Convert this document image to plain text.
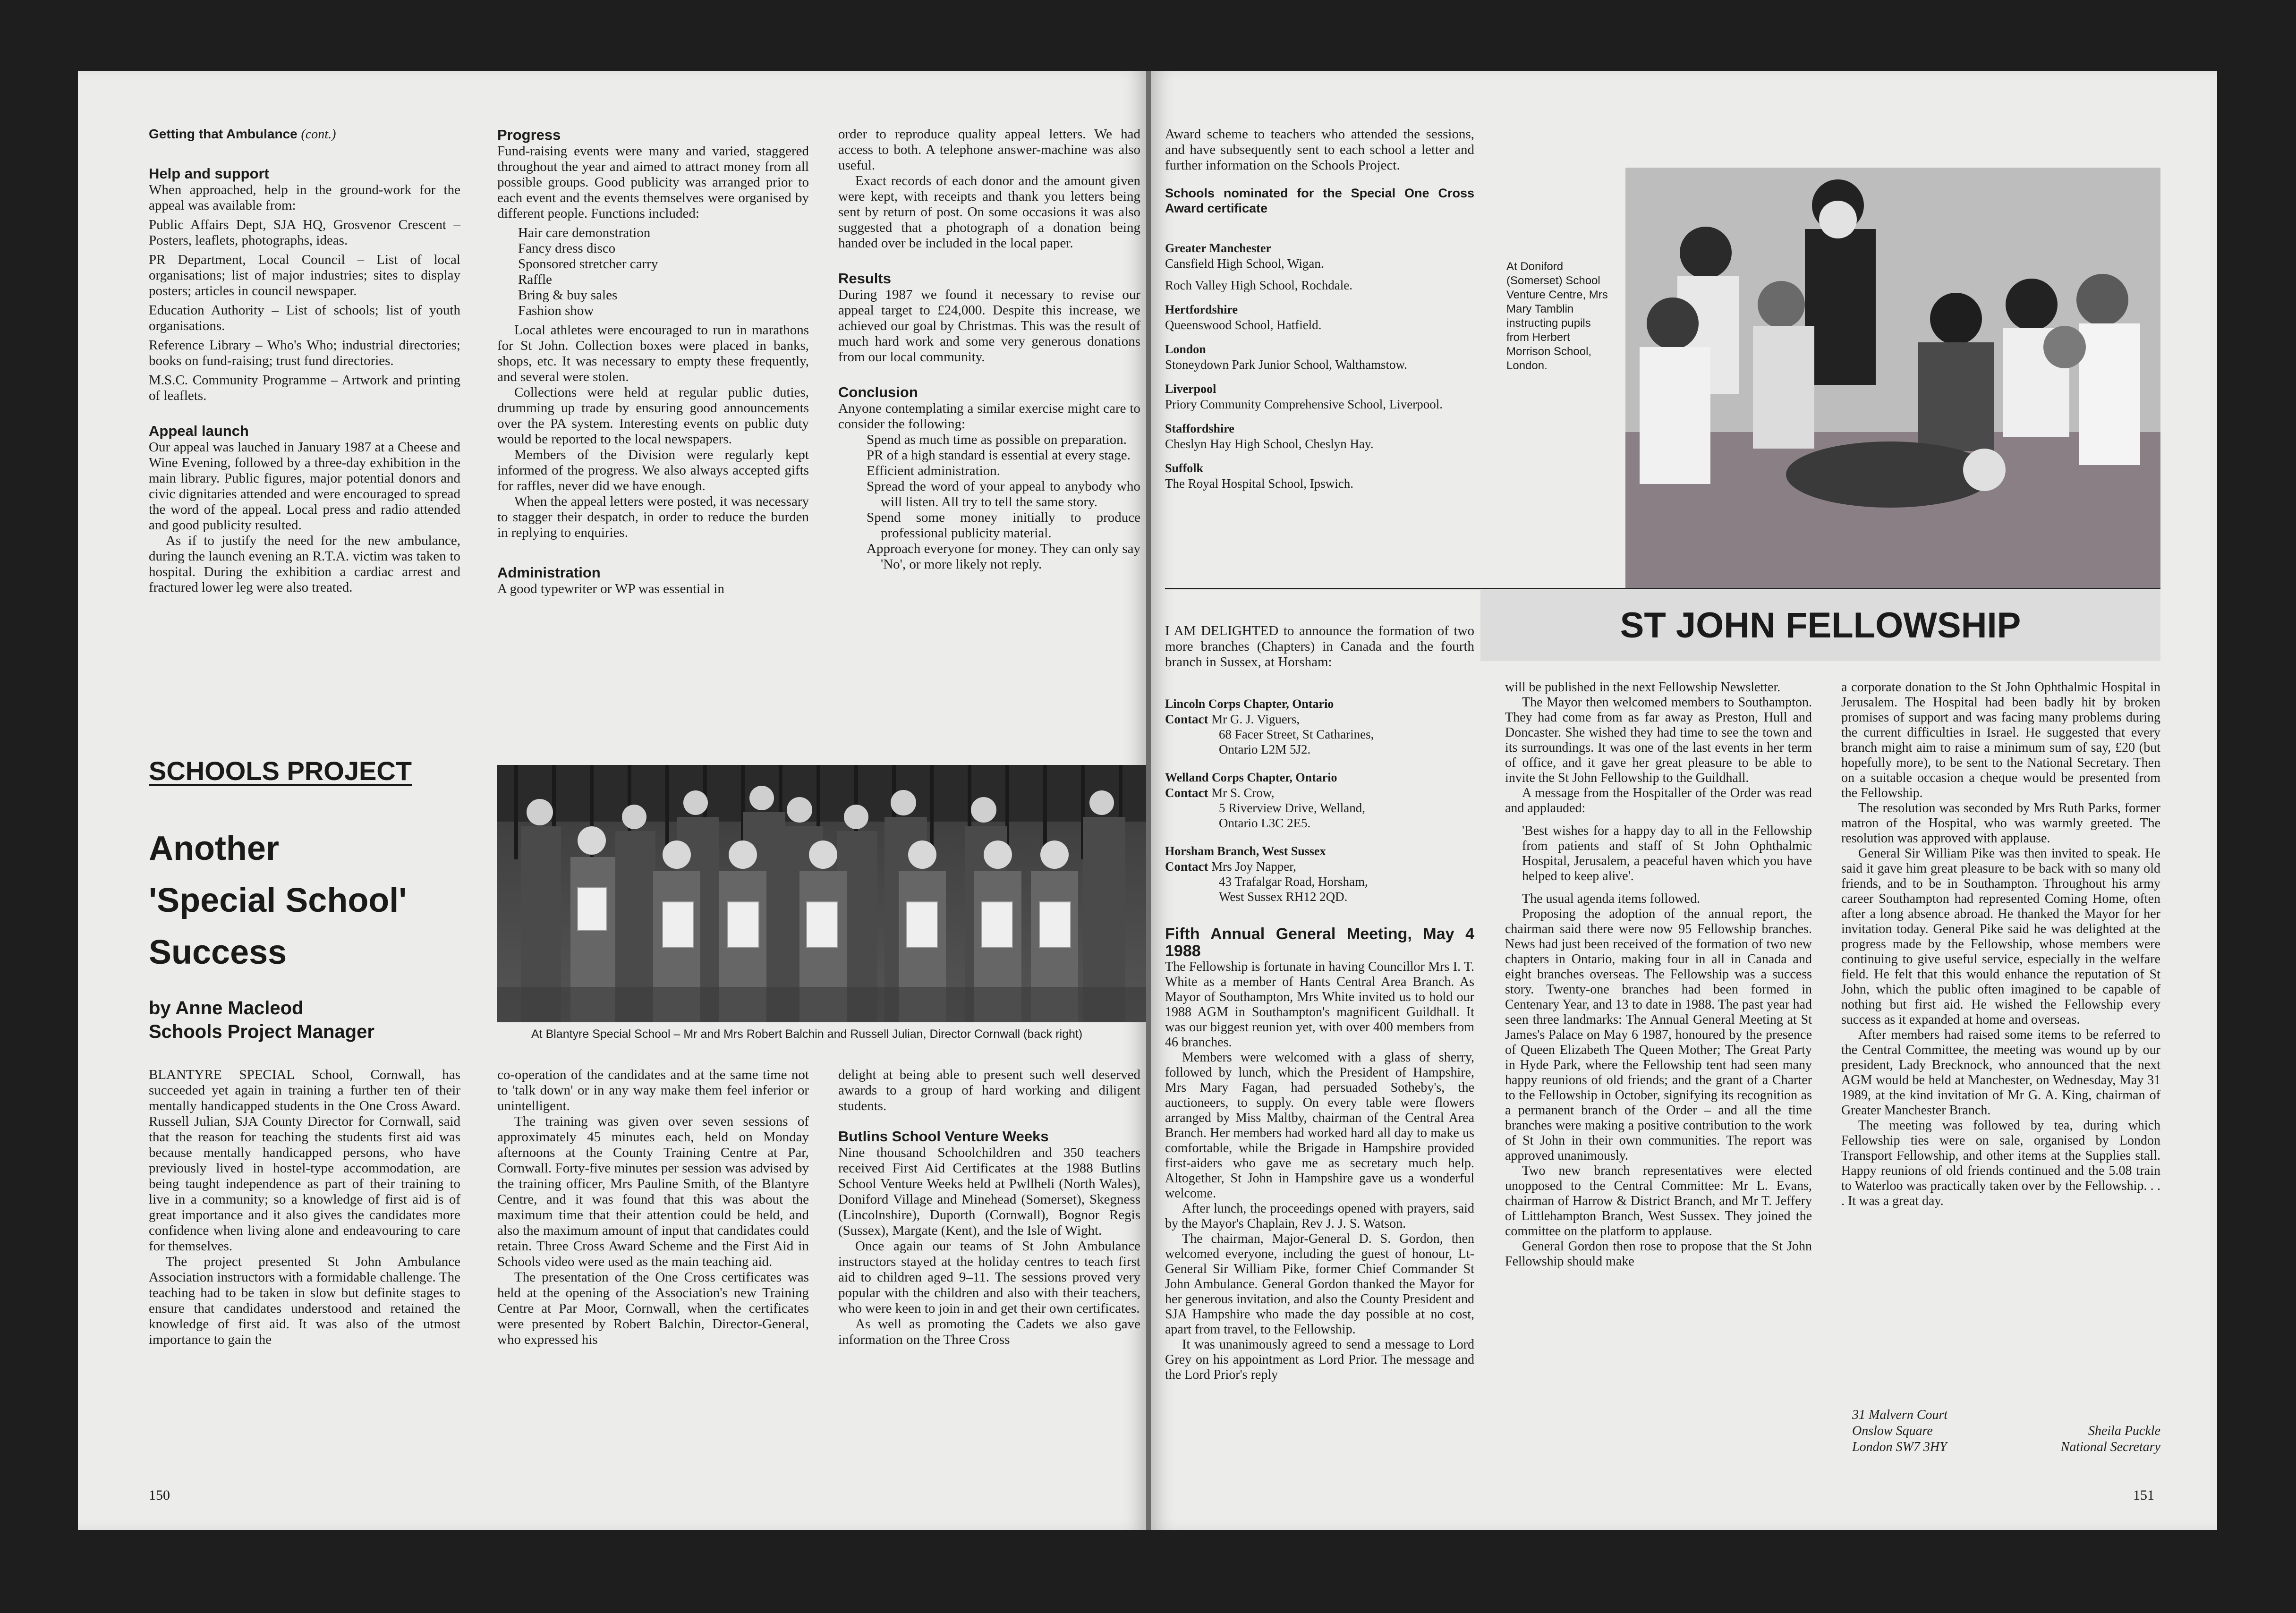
Getting that Ambulance (cont.)
Help and support

When approached, help in the ground-work for the appeal was available from:

Public Affairs Dept, SJA HQ, Grosvenor Crescent – Posters, leaflets, photographs, ideas.

PR Department, Local Council – List of local organisations; list of major industries; sites to display posters; articles in council newspaper.

Education Authority – List of schools; list of youth organisations.

Reference Library – Who's Who; industrial directories; books on fund-raising; trust fund directories.

M.S.C. Community Programme – Artwork and printing of leaflets.

Appeal launch

Our appeal was lauched in January 1987 at a Cheese and Wine Evening, followed by a three-day exhibition in the main library. Public figures, major potential donors and civic dignitaries attended and were encouraged to spread the word of the appeal. Local press and radio attended and good publicity resulted.

As if to justify the need for the new ambulance, during the launch evening an R.T.A. victim was taken to hospital. During the exhibition a cardiac arrest and fractured lower leg were also treated.

Progress

Fund-raising events were many and varied, staggered throughout the year and aimed to attract money from all possible groups. Good publicity was arranged prior to each event and the events themselves were organised by different people. Functions included:

Hair care demonstration
Fancy dress disco
Sponsored stretcher carry
Raffle
Bring & buy sales
Fashion show

Local athletes were encouraged to run in marathons for St John. Collection boxes were placed in banks, shops, etc. It was necessary to empty these frequently, and several were stolen.

Collections were held at regular public duties, drumming up trade by ensuring good announcements over the PA system. Interesting events on public duty would be reported to the local newspapers.

Members of the Division were regularly kept informed of the progress. We also always accepted gifts for raffles, never did we have enough.

When the appeal letters were posted, it was necessary to stagger their despatch, in order to reduce the burden in replying to enquiries.

Administration

A good typewriter or WP was essential in

order to reproduce quality appeal letters. We had access to both. A telephone answer-machine was also useful.

Exact records of each donor and the amount given were kept, with receipts and thank you letters being sent by return of post. On some occasions it was also suggested that a photograph of a donation being handed over be included in the local paper.

Results

During 1987 we found it necessary to revise our appeal target to £24,000. Despite this increase, we achieved our goal by Christmas. This was the result of much hard work and some very generous donations from our local community.

Conclusion

Anyone contemplating a similar exercise might care to consider the following:

Spend as much time as possible on preparation.
PR of a high standard is essential at every stage.
Efficient administration.
Spread the word of your appeal to anybody who will listen. All try to tell the same story.
Spend some money initially to produce professional publicity material.
Approach everyone for money. They can only say 'No', or more likely not reply.
SCHOOLS PROJECT
Another
'Special School'
Success
by Anne Macleod
Schools Project Manager	At Blantyre Special School – Mr and Mrs Robert Balchin and Russell Julian, Director Cornwall (back right)

BLANTYRE SPECIAL School, Cornwall, has succeeded yet again in training a further ten of their mentally handicapped students in the One Cross Award. Russell Julian, SJA County Director for Cornwall, said that the reason for teaching the students first aid was because mentally handicapped persons, who have previously lived in hostel-type accommodation, are being taught independence as part of their training to live in a community; so a knowledge of first aid is of great importance and it also gives the candidates more confidence when living alone and endeavouring to care for themselves.

The project presented St John Ambulance Association instructors with a formidable challenge. The teaching had to be taken in slow but definite stages to ensure that candidates understood and retained the knowledge of first aid. It was also of the utmost importance to gain the

co-operation of the candidates and at the same time not to 'talk down' or in any way make them feel inferior or unintelligent.

The training was given over seven sessions of approximately 45 minutes each, held on Monday afternoons at the County Training Centre at Par, Cornwall. Forty-five minutes per session was advised by the training officer, Mrs Pauline Smith, of the Blantyre Centre, and it was found that this was about the maximum time that their attention could be held, and also the maximum amount of input that candidates could retain. Three Cross Award Scheme and the First Aid in Schools video were used as the main teaching aid.

The presentation of the One Cross certificates was held at the opening of the Association's new Training Centre at Par Moor, Cornwall, when the certificates were presented by Robert Balchin, Director-General, who expressed his

delight at being able to present such well deserved awards to a group of hard working and diligent students.

Butlins School Venture Weeks

Nine thousand Schoolchildren and 350 teachers received First Aid Certificates at the 1988 Butlins School Venture Weeks held at Pwllheli (North Wales), Doniford Village and Minehead (Somerset), Skegness (Lincolnshire), Duporth (Cornwall), Bognor Regis (Sussex), Margate (Kent), and the Isle of Wight.

Once again our teams of St John Ambulance instructors stayed at the holiday centres to teach first aid to children aged 9–11. The sessions proved very popular with the children and also with their teachers, who were keen to join in and get their own certificates.

As well as promoting the Cadets we also gave information on the Three Cross

150

Award scheme to teachers who attended the sessions, and have subsequently sent to each school a letter and further information on the Schools Project.

Schools nominated for the Special One Cross Award certificate

Greater Manchester

Cansfield High School, Wigan.

Roch Valley High School, Rochdale.

Hertfordshire

Queenswood School, Hatfield.

London

Stoneydown Park Junior School, Walthamstow.

Liverpool

Priory Community Comprehensive School, Liverpool.

Staffordshire

Cheslyn Hay High School, Cheslyn Hay.

Suffolk

The Royal Hospital School, Ipswich.

At Doniford (Somerset) School Venture Centre, Mrs Mary Tamblin instructing pupils from Herbert Morrison School, London.
ST JOHN FELLOWSHIP

I AM DELIGHTED to announce the formation of two more branches (Chapters) in Canada and the fourth branch in Sussex, at Horsham:

Lincoln Corps Chapter, Ontario

Contact Mr G. J. Viguers,

68 Facer Street, St Catharines,

Ontario L2M 5J2.

Welland Corps Chapter, Ontario

Contact Mr S. Crow,

5 Riverview Drive, Welland,

Ontario L3C 2E5.

Horsham Branch, West Sussex

Contact Mrs Joy Napper,

43 Trafalgar Road, Horsham,

West Sussex RH12 2QD.

Fifth Annual General Meeting, May 4 1988

The Fellowship is fortunate in having Councillor Mrs I. T. White as a member of Hants Central Area Branch. As Mayor of Southampton, Mrs White invited us to hold our 1988 AGM in Southampton's magnificent Guildhall. It was our biggest reunion yet, with over 400 members from 46 branches.

Members were welcomed with a glass of sherry, followed by lunch, which the President of Hampshire, Mrs Mary Fagan, had persuaded Sotheby's, the auctioneers, to supply. On every table were flowers arranged by Miss Maltby, chairman of the Central Area Branch. Her members had worked hard all day to make us comfortable, while the Brigade in Hampshire provided first-aiders who gave me as secretary much help. Altogether, St John in Hampshire gave us a wonderful welcome.

After lunch, the proceedings opened with prayers, said by the Mayor's Chaplain, Rev J. J. S. Watson.

The chairman, Major-General D. S. Gordon, then welcomed everyone, including the guest of honour, Lt-General Sir William Pike, former Chief Commander St John Ambulance. General Gordon thanked the Mayor for her generous invitation, and also the County President and SJA Hampshire who made the day possible at no cost, apart from travel, to the Fellowship.

It was unanimously agreed to send a message to Lord Grey on his appointment as Lord Prior. The message and the Lord Prior's reply

will be published in the next Fellowship Newsletter.

The Mayor then welcomed members to Southampton. They had come from as far away as Preston, Hull and Doncaster. She wished they had time to see the town and its surroundings. It was one of the last events in her term of office, and it gave her great pleasure to be able to invite the St John Fellowship to the Guildhall.

A message from the Hospitaller of the Order was read and applauded:

'Best wishes for a happy day to all in the Fellowship from patients and staff of St John Ophthalmic Hospital, Jerusalem, a peaceful haven which you have helped to keep alive'.

The usual agenda items followed.

Proposing the adoption of the annual report, the chairman said there were now 95 Fellowship branches. News had just been received of the formation of two new chapters in Ontario, making four in all in Canada and eight branches overseas. The Fellowship was a success story. Twenty-one branches had been formed in Centenary Year, and 13 to date in 1988. The past year had seen three landmarks: The Annual General Meeting at St James's Palace on May 6 1987, honoured by the presence of Queen Elizabeth The Queen Mother; The Great Party in Hyde Park, where the Fellowship tent had seen many happy reunions of old friends; and the grant of a Charter to the Fellowship in October, signifying its recognition as a permanent branch of the Order – and all the time branches were making a positive contribution to the work of St John in their own communities. The report was approved unanimously.

Two new branch representatives were elected unopposed to the Central Committee: Mr L. Evans, chairman of Harrow & District Branch, and Mr T. Jeffery of Littlehampton Branch, West Sussex. They joined the committee on the platform to applause.

General Gordon then rose to propose that the St John Fellowship should make

a corporate donation to the St John Ophthalmic Hospital in Jerusalem. The Hospital had been badly hit by broken promises of support and was facing many problems during the current difficulties in Israel. He suggested that every branch might aim to raise a minimum sum of say, £20 (but hopefully more), to be sent to the National Secretary. Then on a suitable occasion a cheque would be presented from the Fellowship.

The resolution was seconded by Mrs Ruth Parks, former matron of the Hospital, who was warmly greeted. The resolution was approved with applause.

General Sir William Pike was then invited to speak. He said it gave him great pleasure to be back with so many old friends, and to be in Southampton. Throughout his army career Southampton had represented Coming Home, often after a long absence abroad. He thanked the Mayor for her invitation today. General Pike said he was delighted at the progress made by the Fellowship, whose members were continuing to give useful service, especially in the welfare field. He felt that this would enhance the reputation of St John, which the public often imagined to be capable of nothing but first aid. He wished the Fellowship every success as it expanded at home and overseas.

After members had raised some items to be referred to the Central Committee, the meeting was wound up by our president, Lady Brecknock, who announced that the next AGM would be held at Manchester, on Wednesday, May 31 1989, at the kind invitation of Mr G. A. King, chairman of Greater Manchester Branch.

The meeting was followed by tea, during which Fellowship ties were on sale, organised by London Transport Fellowship, and other items at the Supplies stall. Happy reunions of old friends continued and the 5.08 train to Waterloo was practically taken over by the Fellowship. . . . It was a great day.

31 Malvern Court
Onslow Square
London SW7 3HY
Sheila Puckle
National Secretary
151
